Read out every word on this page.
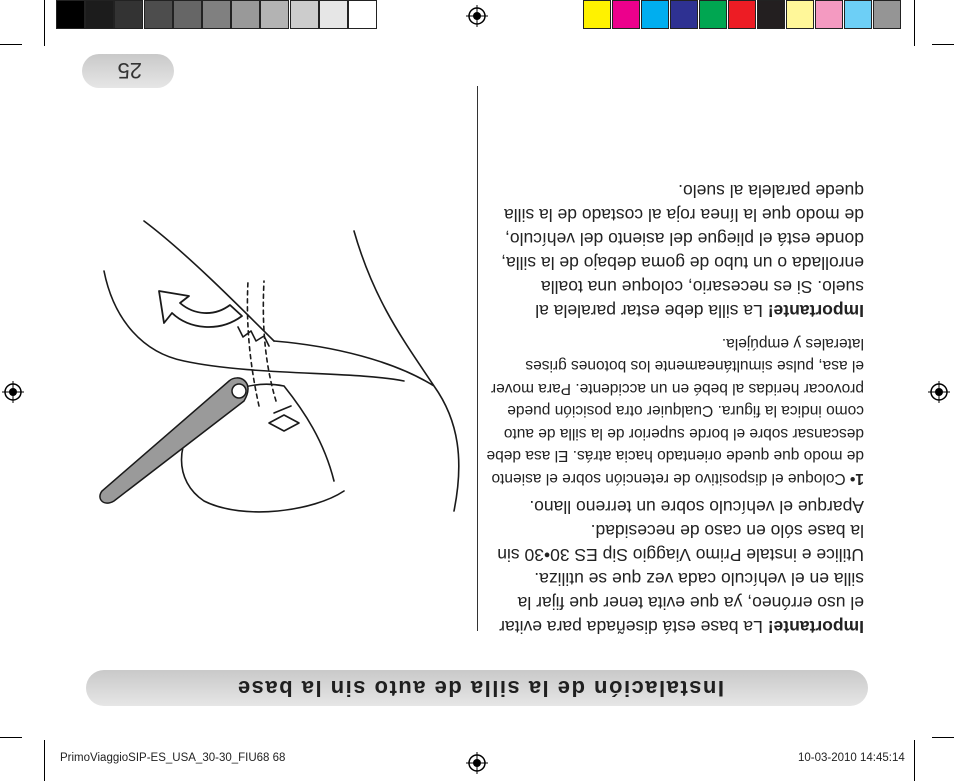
Instalación de la silla de auto sin la base
25

Importante! La base está diseñada para evitar el uso erróneo, ya que evita tener que fijar la silla en el vehículo cada vez que se utiliza. Utilice e instale Primo Viaggio Sip ES 30•30 sin la base sólo en caso de necesidad.

Aparque el vehículo sobre un terreno llano.

1• Coloque el dispositivo de retención sobre el asiento de modo que quede orientado hacia atrás. El asa debe descansar sobre el borde superior de la silla de auto como indica la figura. Cualquier otra posición puede provocar heridas al bebé en un accidente. Para mover el asa, pulse simultáneamente los botones grises laterales y empújela.

Importante! La silla debe estar paralela al suelo. Si es necesario, coloque una toalla enrollada o un tubo de goma debajo de la silla, donde está el pliegue del asiento del vehículo, de modo que la línea roja al costado de la silla quede paralela al suelo.

PrimoViaggioSIP-ES_USA_30-30_FIU68 68	10-03-2010 14:45:14
